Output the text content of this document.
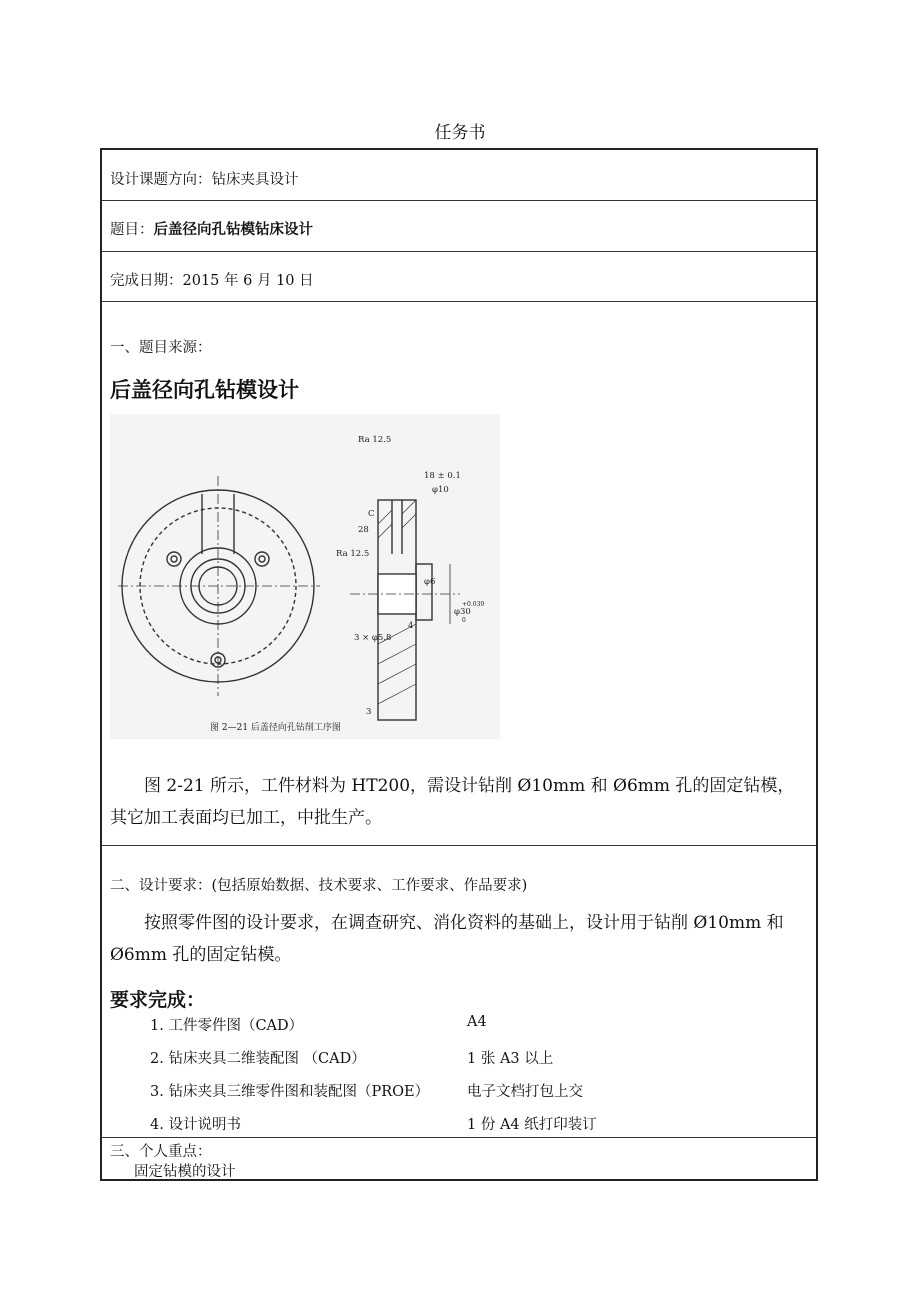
任务书
设计课题方向：钻床夹具设计
题目：后盖径向孔钻模钻床设计
完成日期：2015 年 6 月 10 日
一、题目来源：
后盖径向孔钻模设计
Ra 12.5
18 ± 0.1
φ10
28
C
Ra 12.5
φ6
φ30
+0.039
0
3 × φ5.8
4
3
图 2—21 后盖径向孔钻削工序图
图 2-21 所示，工件材料为 HT200，需设计钻削 Ø10mm 和 Ø6mm 孔的固定钻模，其它加工表面均已加工，中批生产。
二、设计要求：(包括原始数据、技术要求、工作要求、作品要求)
按照零件图的设计要求，在调查研究、消化资料的基础上，设计用于钻削 Ø10mm 和 Ø6mm 孔的固定钻模。
要求完成：
1. 工件零件图（CAD）	A4
2. 钻床夹具二维装配图 （CAD）	1 张 A3 以上
3. 钻床夹具三维零件图和装配图（PROE）	电子文档打包上交
4. 设计说明书	1 份 A4 纸打印装订
三、个人重点：
固定钻模的设计
